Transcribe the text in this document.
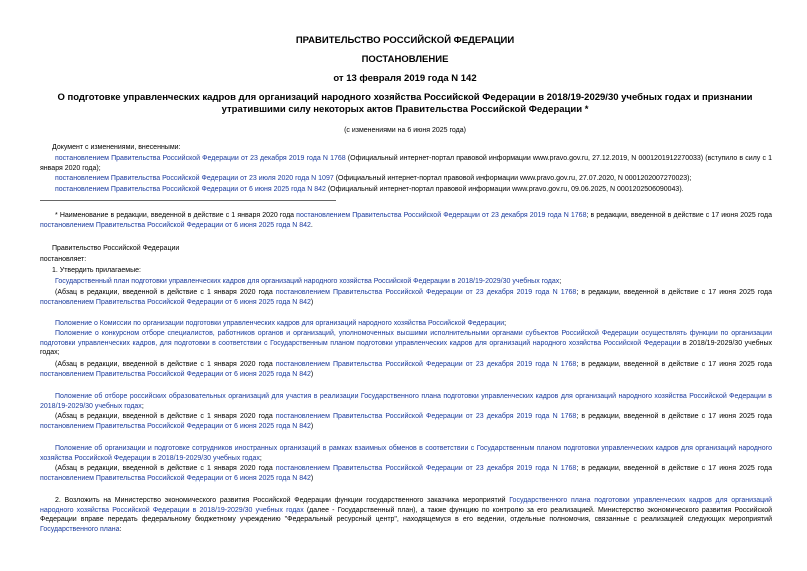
ПРАВИТЕЛЬСТВО РОССИЙСКОЙ ФЕДЕРАЦИИ
ПОСТАНОВЛЕНИЕ
от 13 февраля 2019 года N 142
О подготовке управленческих кадров для организаций народного хозяйства Российской Федерации в 2018/19-2029/30 учебных годах и признании утратившими силу некоторых актов Правительства Российской Федерации *
(с изменениями на 6 июня 2025 года)
Документ с изменениями, внесенными:
постановлением Правительства Российской Федерации от 23 декабря 2019 года N 1768 (Официальный интернет-портал правовой информации www.pravo.gov.ru, 27.12.2019, N 0001201912270033) (вступило в силу с 1 января 2020 года);
постановлением Правительства Российской Федерации от 23 июля 2020 года N 1097 (Официальный интернет-портал правовой информации www.pravo.gov.ru, 27.07.2020, N 0001202007270023);
постановлением Правительства Российской Федерации от 6 июня 2025 года N 842 (Официальный интернет-портал правовой информации www.pravo.gov.ru, 09.06.2025, N 0001202506090043).
* Наименование в редакции, введенной в действие с 1 января 2020 года постановлением Правительства Российской Федерации от 23 декабря 2019 года N 1768; в редакции, введенной в действие с 17 июня 2025 года постановлением Правительства Российской Федерации от 6 июня 2025 года N 842.
Правительство Российской Федерации
постановляет:
1. Утвердить прилагаемые:
Государственный план подготовки управленческих кадров для организаций народного хозяйства Российской Федерации в 2018/19-2029/30 учебных годах;
(Абзац в редакции, введенной в действие с 1 января 2020 года постановлением Правительства Российской Федерации от 23 декабря 2019 года N 1768; в редакции, введенной в действие с 17 июня 2025 года постановлением Правительства Российской Федерации от 6 июня 2025 года N 842)
Положение о Комиссии по организации подготовки управленческих кадров для организаций народного хозяйства Российской Федерации;
Положение о конкурсном отборе специалистов, работников органов и организаций, уполномоченных высшими исполнительными органами субъектов Российской Федерации осуществлять функции по организации подготовки управленческих кадров, для подготовки в соответствии с Государственным планом подготовки управленческих кадров для организаций народного хозяйства Российской Федерации в 2018/19-2029/30 учебных годах;
(Абзац в редакции, введенной в действие с 1 января 2020 года постановлением Правительства Российской Федерации от 23 декабря 2019 года N 1768; в редакции, введенной в действие с 17 июня 2025 года постановлением Правительства Российской Федерации от 6 июня 2025 года N 842)
Положение об отборе российских образовательных организаций для участия в реализации Государственного плана подготовки управленческих кадров для организаций народного хозяйства Российской Федерации в 2018/19-2029/30 учебных годах;
(Абзац в редакции, введенной в действие с 1 января 2020 года постановлением Правительства Российской Федерации от 23 декабря 2019 года N 1768; в редакции, введенной в действие с 17 июня 2025 года постановлением Правительства Российской Федерации от 6 июня 2025 года N 842)
Положение об организации и подготовке сотрудников иностранных организаций в рамках взаимных обменов в соответствии с Государственным планом подготовки управленческих кадров для организаций народного хозяйства Российской Федерации в 2018/19-2029/30 учебных годах;
(Абзац в редакции, введенной в действие с 1 января 2020 года постановлением Правительства Российской Федерации от 23 декабря 2019 года N 1768; в редакции, введенной в действие с 17 июня 2025 года постановлением Правительства Российской Федерации от 6 июня 2025 года N 842)
2. Возложить на Министерство экономического развития Российской Федерации функции государственного заказчика мероприятий Государственного плана подготовки управленческих кадров для организаций народного хозяйства Российской Федерации в 2018/19-2029/30 учебных годах (далее - Государственный план), а также функцию по контролю за его реализацией. Министерство экономического развития Российской Федерации вправе передать федеральному бюджетному учреждению "Федеральный ресурсный центр", находящемуся в его ведении, отдельные полномочия, связанные с реализацией следующих мероприятий Государственного плана:
